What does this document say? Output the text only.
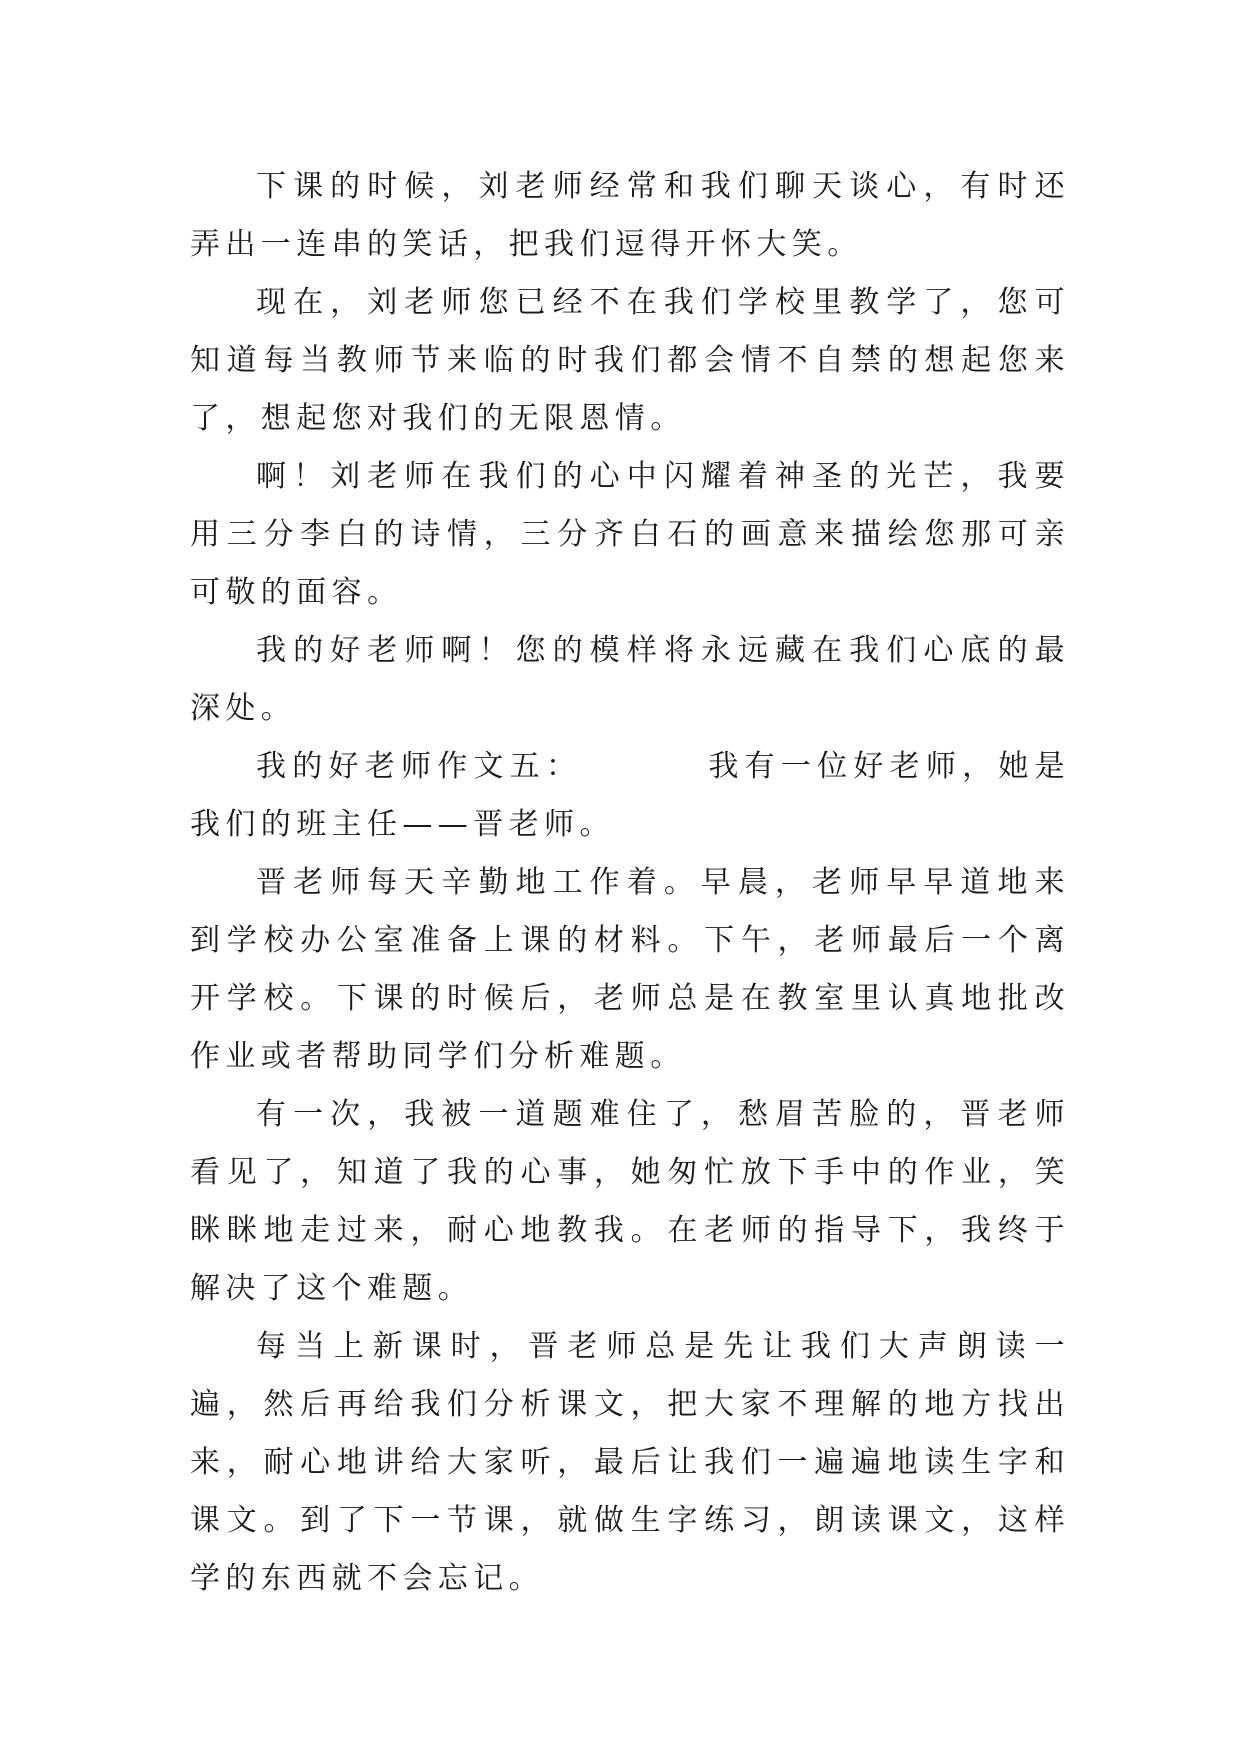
下课的时候，刘老师经常和我们聊天谈心，有时还弄出一连串的笑话，把我们逗得开怀大笑。

现在，刘老师您已经不在我们学校里教学了，您可知道每当教师节来临的时我们都会情不自禁的想起您来了，想起您对我们的无限恩情。

啊！刘老师在我们的心中闪耀着神圣的光芒，我要用三分李白的诗情，三分齐白石的画意来描绘您那可亲可敬的面容。

我的好老师啊！您的模样将永远藏在我们心底的最深处。

我的好老师作文五：        我有一位好老师，她是我们的班主任——晋老师。

晋老师每天辛勤地工作着。早晨，老师早早道地来到学校办公室准备上课的材料。下午，老师最后一个离开学校。下课的时候后，老师总是在教室里认真地批改作业或者帮助同学们分析难题。

有一次，我被一道题难住了，愁眉苦脸的，晋老师看见了，知道了我的心事，她匆忙放下手中的作业，笑眯眯地走过来，耐心地教我。在老师的指导下，我终于解决了这个难题。

每当上新课时，晋老师总是先让我们大声朗读一遍，然后再给我们分析课文，把大家不理解的地方找出来，耐心地讲给大家听，最后让我们一遍遍地读生字和课文。到了下一节课，就做生字练习，朗读课文，这样学的东西就不会忘记。
